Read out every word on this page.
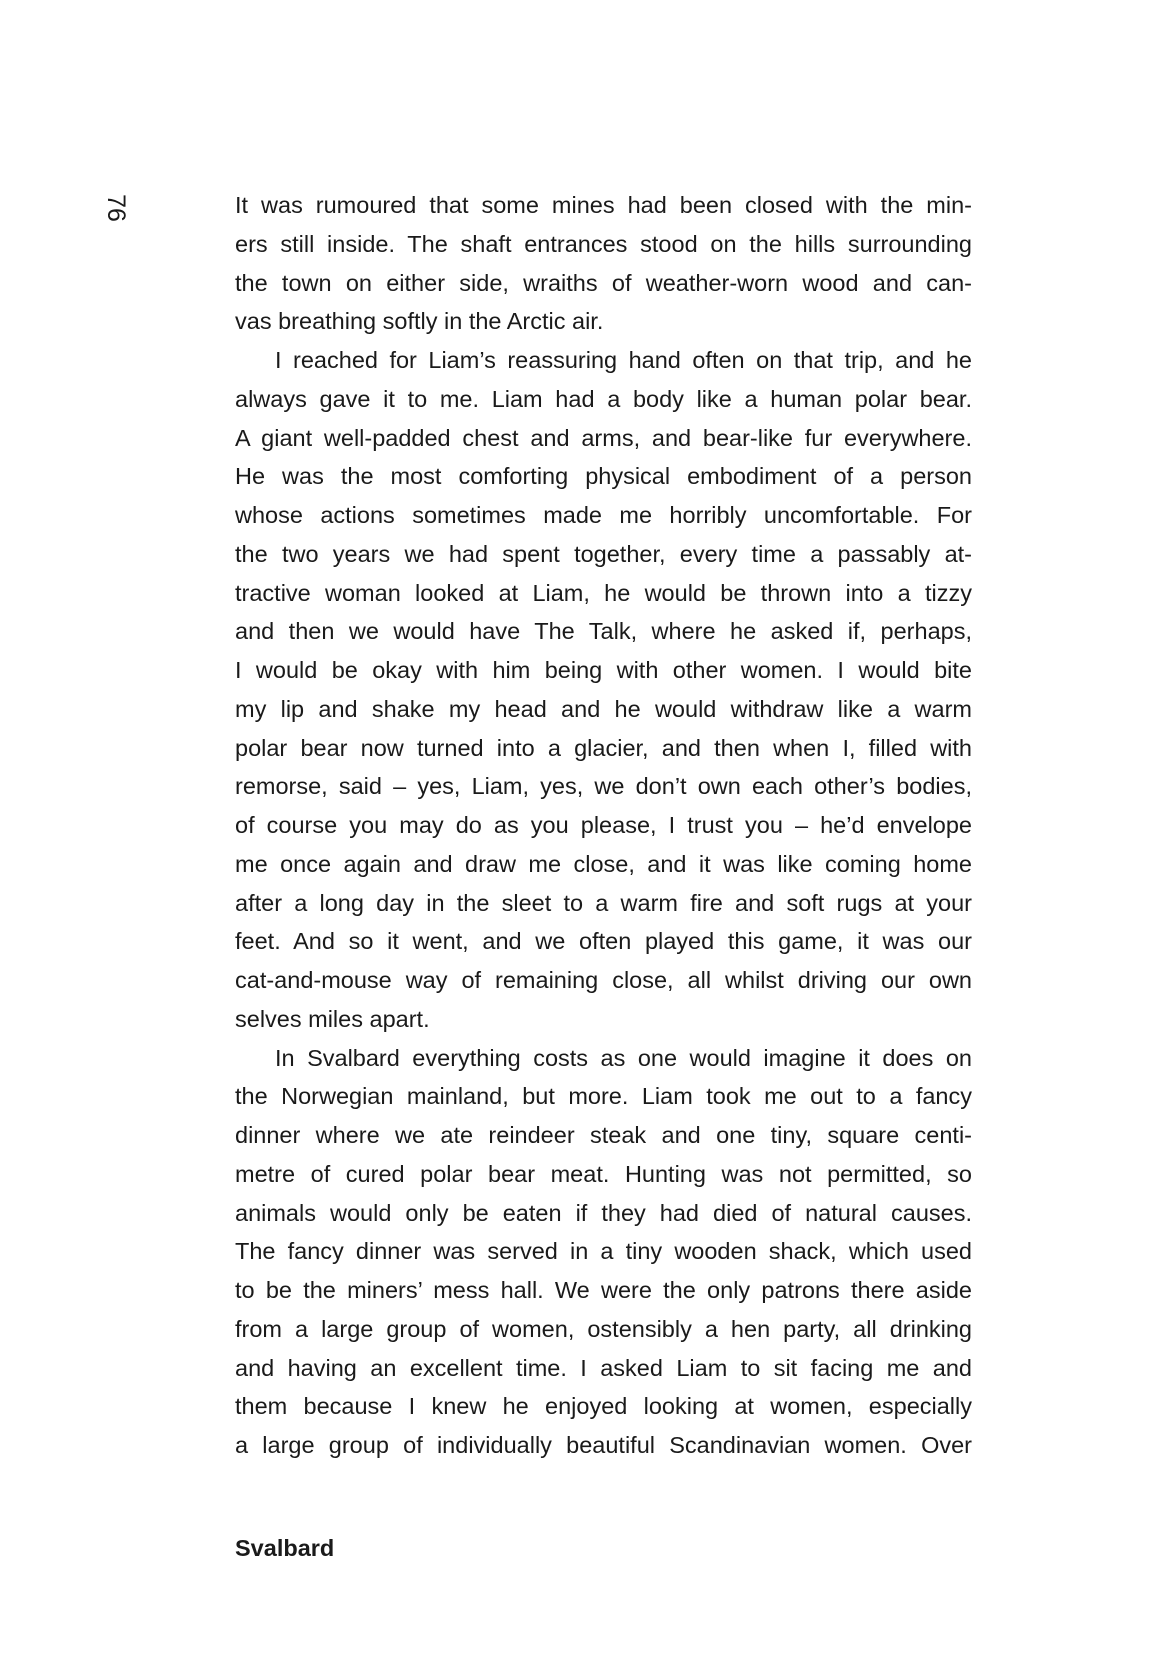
76	It was rumoured that some mines had been closed with the min-
ers still inside. The shaft entrances stood on the hills surrounding
the town on either side, wraiths of weather-worn wood and can-
vas breathing softly in the Arctic air.
I reached for Liam’s reassuring hand often on that trip, and he
always gave it to me. Liam had a body like a human polar bear.
A giant well-padded chest and arms, and bear-like fur everywhere.
He was the most comforting physical embodiment of a person
whose actions sometimes made me horribly uncomfortable. For
the two years we had spent together, every time a passably at-
tractive woman looked at Liam, he would be thrown into a tizzy
and then we would have The Talk, where he asked if, perhaps,
I would be okay with him being with other women. I would bite
my lip and shake my head and he would withdraw like a warm
polar bear now turned into a glacier, and then when I, filled with
remorse, said – yes, Liam, yes, we don’t own each other’s bodies,
of course you may do as you please, I trust you – he’d envelope
me once again and draw me close, and it was like coming home
after a long day in the sleet to a warm fire and soft rugs at your
feet. And so it went, and we often played this game, it was our
cat-and-mouse way of remaining close, all whilst driving our own
selves miles apart.
In Svalbard everything costs as one would imagine it does on
the Norwegian mainland, but more. Liam took me out to a fancy
dinner where we ate reindeer steak and one tiny, square centi-
metre of cured polar bear meat. Hunting was not permitted, so
animals would only be eaten if they had died of natural causes.
The fancy dinner was served in a tiny wooden shack, which used
to be the miners’ mess hall. We were the only patrons there aside
from a large group of women, ostensibly a hen party, all drinking
and having an excellent time. I asked Liam to sit facing me and
them because I knew he enjoyed looking at women, especially
a large group of individually beautiful Scandinavian women. Over
Svalbard
